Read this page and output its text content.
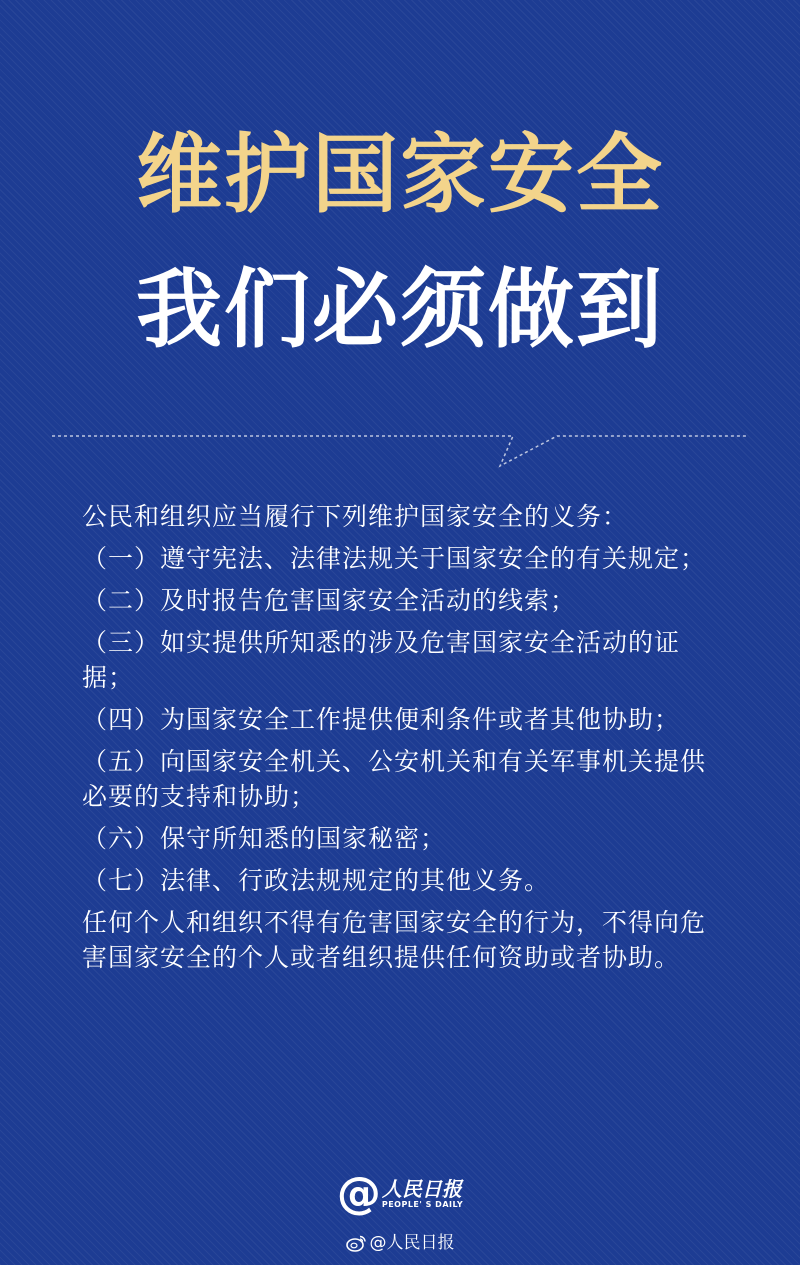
维护国家安全
我们必须做到

公民和组织应当履行下列维护国家安全的义务：

（一）遵守宪法、法律法规关于国家安全的有关规定；

（二）及时报告危害国家安全活动的线索；

（三）如实提供所知悉的涉及危害国家安全活动的证据；

（四）为国家安全工作提供便利条件或者其他协助；

（五）向国家安全机关、公安机关和有关军事机关提供必要的支持和协助；

（六）保守所知悉的国家秘密；

（七）法律、行政法规规定的其他义务。

任何个人和组织不得有危害国家安全的行为，不得向危害国家安全的个人或者组织提供任何资助或者协助。

@ 人民日报
PEOPLE' S DAILY
@人民日报
